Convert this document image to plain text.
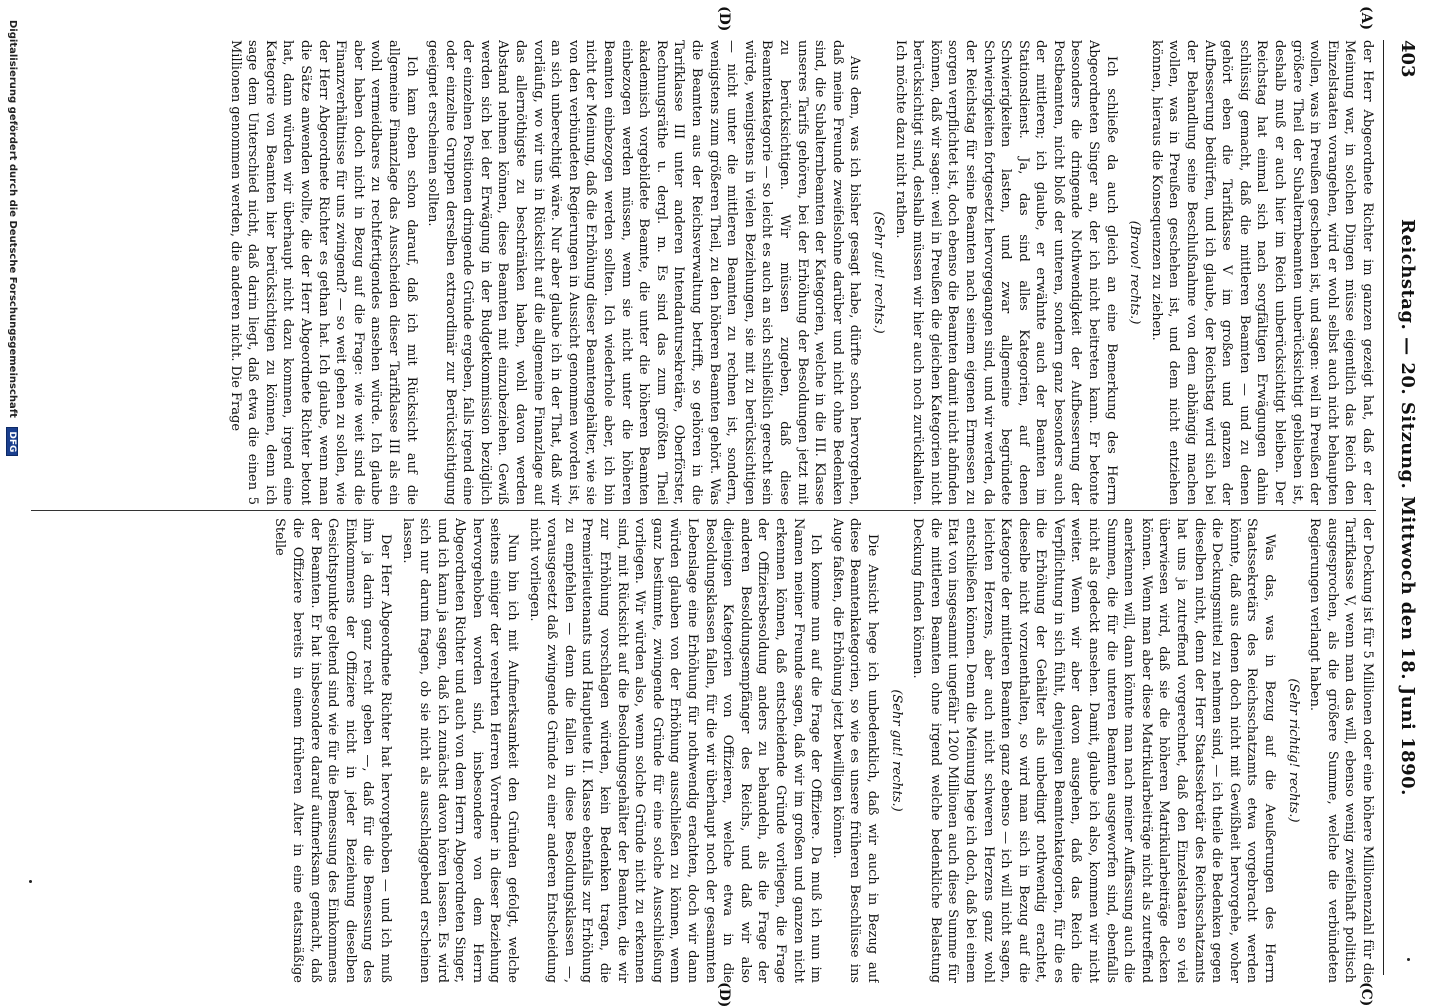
403
Reichstag. — 20. Sitzung. Mittwoch den 18. Juni 1890.
(A)
(C)
(D)
(D)

der Herr Abgeordnete Richter im ganzen gezeigt hat, daß er der Meinung war, in solchen Dingen müsse eigentlich das Reich den Einzelstaaten vorangehen, wird er wohl selbst auch nicht behaupten wollen, was in Preußen geschehen ist, und sagen: weil in Preußen der größere Theil der Subalternbeamten unberücksichtigt geblieben ist, deshalb muß er auch hier im Reich unberücksichtigt bleiben. Der Reichstag hat einmal sich nach sorgfältigen Erwägungen dahin schlüssig gemacht, daß die mittleren Beamten — und zu denen gehört eben die Tarifklasse V im großen und ganzen der Aufbesserung bedürfen, und ich glaube, der Reichstag wird sich bei der Behandlung seine Beschlußnahme von dem abhängig machen wollen, was in Preußen geschehen ist, und dem nicht entziehen können, hieraus die Konsequenzen zu ziehen.

(Bravo! rechts.)

Ich schließe da auch gleich an eine Bemerkung des Herrn Abgeordneten Singer an, der ich nicht beitreten kann. Er betonte besonders die dringende Nothwendigkeit der Aufbesserung der Postbeamten, nicht bloß der unteren, sondern ganz besonders auch der mittleren; ich glaube, er erwähnte auch der Beamten im Stationsdienst. Ja, das sind alles Kategorien, auf denen Schwierigkeiten lasten, und zwar allgemeine begründete Schwierigkeiten fortgesetzt hervorgegangen sind, und wir werden, da der Reichstag für seine Beamten nach seinem eigenen Ermessen zu sorgen verpflichtet ist, doch ebenso die Beamten damit nicht abfinden können, daß wir sagen: weil in Preußen die gleichen Kategorien nicht berücksichtigt sind, deshalb müssen wir hier auch noch zurückhalten. Ich möchte dazu nicht rathen.

(Sehr gut! rechts.)

Aus dem, was ich bisher gesagt habe, dürfte schon hervorgehen, daß meine Freunde zweifelsohne darüber und nicht ohne Bedenken sind, die Subalternbeamten der Kategorien, welche in die III. Klasse unseres Tarifs gehören, bei der Erhöhung der Besoldungen jetzt mit zu berücksichtigen. Wir müssen zugeben, daß diese Beamtenkategorie — so leicht es auch an sich schließlich gerecht sein würde, wenigstens in vielen Beziehungen, sie mit zu berücksichtigen — nicht unter die mittleren Beamten zu rechnen ist, sondern, wenigstens zum größeren Theil, zu den höheren Beamten gehört. Was die Beamten aus der Reichsverwaltung betrifft, so gehören in die Tarifklasse III unter anderen Intendantursekretäre, Oberförster, Rechnungsräthe u. dergl. m. Es sind das zum größten Theil akademisch vorgebildete Beamte, die unter die höheren Beamten einbezogen werden müssen, wenn sie nicht unter die höheren Beamten einbezogen werden sollten. Ich wiederhole aber, ich bin nicht der Meinung, daß die Erhöhung dieser Beamtengehälter, wie sie von den verbündeten Regierungen in Aussicht genommen worden ist, an sich unberechtigt wäre. Nur aber glaube ich in der That, daß wir vorläufig, wo wir uns in Rücksicht auf die allgemeine Finanzlage auf das allernöthigste zu beschränken haben, wohl davon werden Abstand nehmen können, diese Beamten mit einzubeziehen. Gewiß werden sich bei der Erwägung in der Budgetkommission bezüglich der einzelnen Positionen dringende Gründe ergeben, falls irgend eine oder einzelne Gruppen derselben extraordinär zur Berücksichtigung geeignet erscheinen sollten.

Ich kam eben schon darauf, daß ich mit Rücksicht auf die allgemeine Finanzlage das Ausscheiden dieser Tarifklasse III als ein wohl vermeidbares zu rechtfertigendes ansehen würde. Ich glaube aber haben doch nicht in Bezug auf die Frage: wie weit sind die Finanzverhältnisse für uns zwingend? — so weit gehen zu sollen, wie der Herr Abgeordnete Richter es gethan hat. Ich glaube, wenn man die Sätze anwenden wollte, die der Herr Abgeordnete Richter betont hat, dann würden wir überhaupt nicht dazu kommen, irgend eine Kategorie von Beamten hier berücksichtigen zu können, denn ich sage dem Unterschied nicht, daß darin liegt, daß etwa die einen 5 Millionen genommen werden, die anderen nicht. Die Frage

der Deckung ist für 5 Millionen oder eine höhere Millionenzahl für die Tarifklasse V, wenn man das will, ebenso wenig zweifelhaft politisch ausgesprochen, als die größere Summe, welche die verbündeten Regierungen verlangt haben.

(Sehr richtig! rechts.)

Was das, was in Bezug auf die Aeußerungen des Herrn Staatssekretärs des Reichsschatzamts etwa vorgebracht werden könnte, daß aus denen doch nicht mit Gewißheit hervorgehe, woher die Deckungsmittel zu nehmen sind, — ich theile die Bedenken gegen dieselben nicht, denn der Herr Staatssekretär des Reichsschatzamts hat uns ja zutreffend vorgerechnet, daß den Einzelstaaten so viel überwiesen wird, daß sie die höheren Matrikularbeiträge decken können. Wenn man aber diese Matrikularbeiträge nicht als zutreffend anerkennen will, dann könnte man nach meiner Auffassung auch die Summen, die für die unteren Beamten ausgeworfen sind, ebenfalls nicht als gedeckt ansehen. Damit, glaube ich also, kommen wir nicht weiter. Wenn wir aber davon ausgehen, daß das Reich die Verpflichtung in sich fühlt, denjenigen Beamtenkategorien, für die es die Erhöhung der Gehälter als unbedingt nothwendig erachtet, dieselbe nicht vorzuenthalten, so wird man sich in Bezug auf die Kategorie der mittleren Beamten ganz ebenso — ich will nicht sagen, leichten Herzens, aber auch nicht schweren Herzens ganz wohl entschließen können. Denn die Meinung hege ich doch, daß bei einem Etat von insgesammt ungefähr 1200 Millionen auch diese Summe für die mittleren Beamten ohne irgend welche bedenkliche Belastung Deckung finden können.

(Sehr gut! rechts.)

Die Ansicht hege ich unbedenklich, daß wir auch in Bezug auf diese Beamtenkategorien, so wie es unsere früheren Beschlüsse ins Auge faßten, die Erhöhung jetzt bewilligen können.

Ich komme nun auf die Frage der Offiziere. Da muß ich nun im Namen meiner Freunde sagen, daß wir im großen und ganzen nicht erkennen können, daß entscheidende Gründe vorliegen, die Frage der Offiziersbesoldung anders zu behandeln, als die Frage der anderen Besoldungsempfänger des Reichs, und daß wir also diejenigen Kategorien von Offizieren, welche etwa in die Besoldungsklassen fallen, für die wir überhaupt noch der gesammten Lebenslage eine Erhöhung für nothwendig erachten, doch wir dann würden glauben von der Erhöhung ausschließen zu können, wenn ganz bestimmte, zwingende Gründe für eine solche Ausschließung vorliegen. Wir würden also, wenn solche Gründe nicht zu erkennen sind, mit Rücksicht auf die Besoldungsgehälter der Beamten, die wir zur Erhöhung vorschlagen würden, kein Bedenken tragen, die Premierlieutenants und Hauptleute II. Klasse ebenfalls zur Erhöhung zu empfehlen — denn die fallen in diese Besoldungsklassen —, vorausgesetzt daß zwingende Gründe zu einer anderen Entscheidung nicht vorliegen.

Nun bin ich mit Aufmerksamkeit den Gründen gefolgt, welche seitens einiger der verehrten Herren Vorredner in dieser Beziehung hervorgehoben worden sind, insbesondere von dem Herrn Abgeordneten Richter und auch von dem Herrn Abgeordneten Singer, und ich kann ja sagen, daß ich zunächst davon hören lassen. Es wird sich nur darum fragen, ob sie nicht als ausschlaggebend erscheinen lassen.

Der Herr Abgeordnete Richter hat hervorgehoben — und ich muß ihm ja darin ganz recht geben —, daß für die Bemessung des Einkommens der Offiziere nicht in jeder Beziehung dieselben Gesichtspunkte geltend sind wie für die Bemessung des Einkommens der Beamten. Er hat insbesondere darauf aufmerksam gemacht, daß die Offiziere bereits in einem früheren Alter in eine etatsmäßige Stelle

Digitalisierung gefördert durch die Deutsche Forschungsgemeinschaft DFG
